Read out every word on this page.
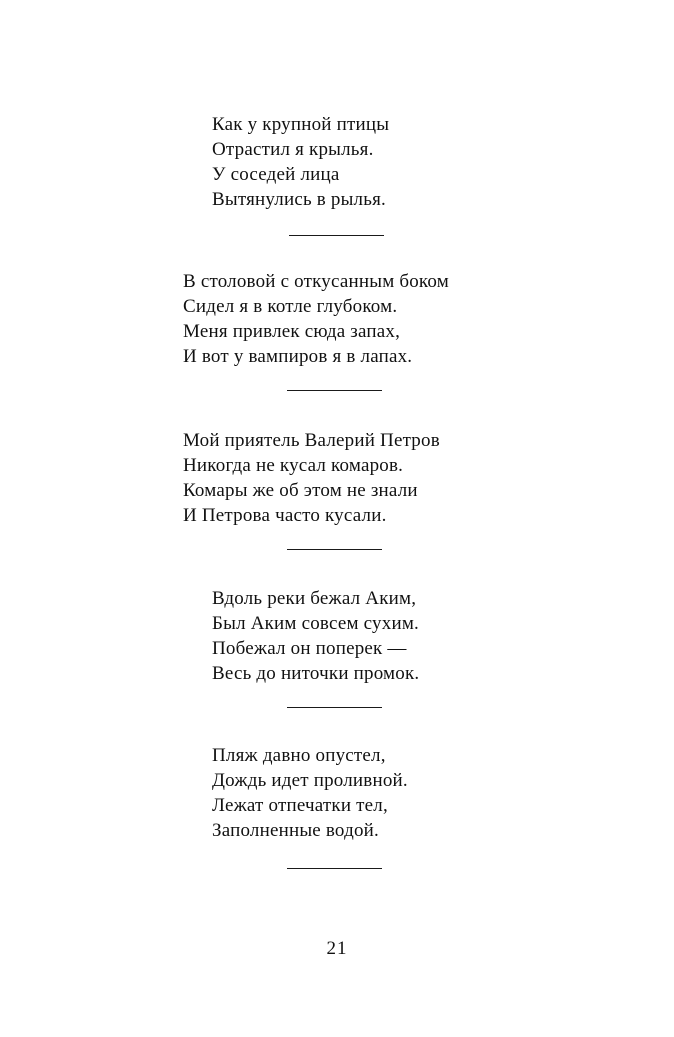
Как у крупной птицы
Отрастил я крылья.
У соседей лица
Вытянулись в рылья.
В столовой с откусанным боком
Сидел я в котле глубоком.
Меня привлек сюда запах,
И вот у вампиров я в лапах.
Мой приятель Валерий Петров
Никогда не кусал комаров.
Комары же об этом не знали
И Петрова часто кусали.
Вдоль реки бежал Аким,
Был Аким совсем сухим.
Побежал он поперек —
Весь до ниточки промок.
Пляж давно опустел,
Дождь идет проливной.
Лежат отпечатки тел,
Заполненные водой.
21
